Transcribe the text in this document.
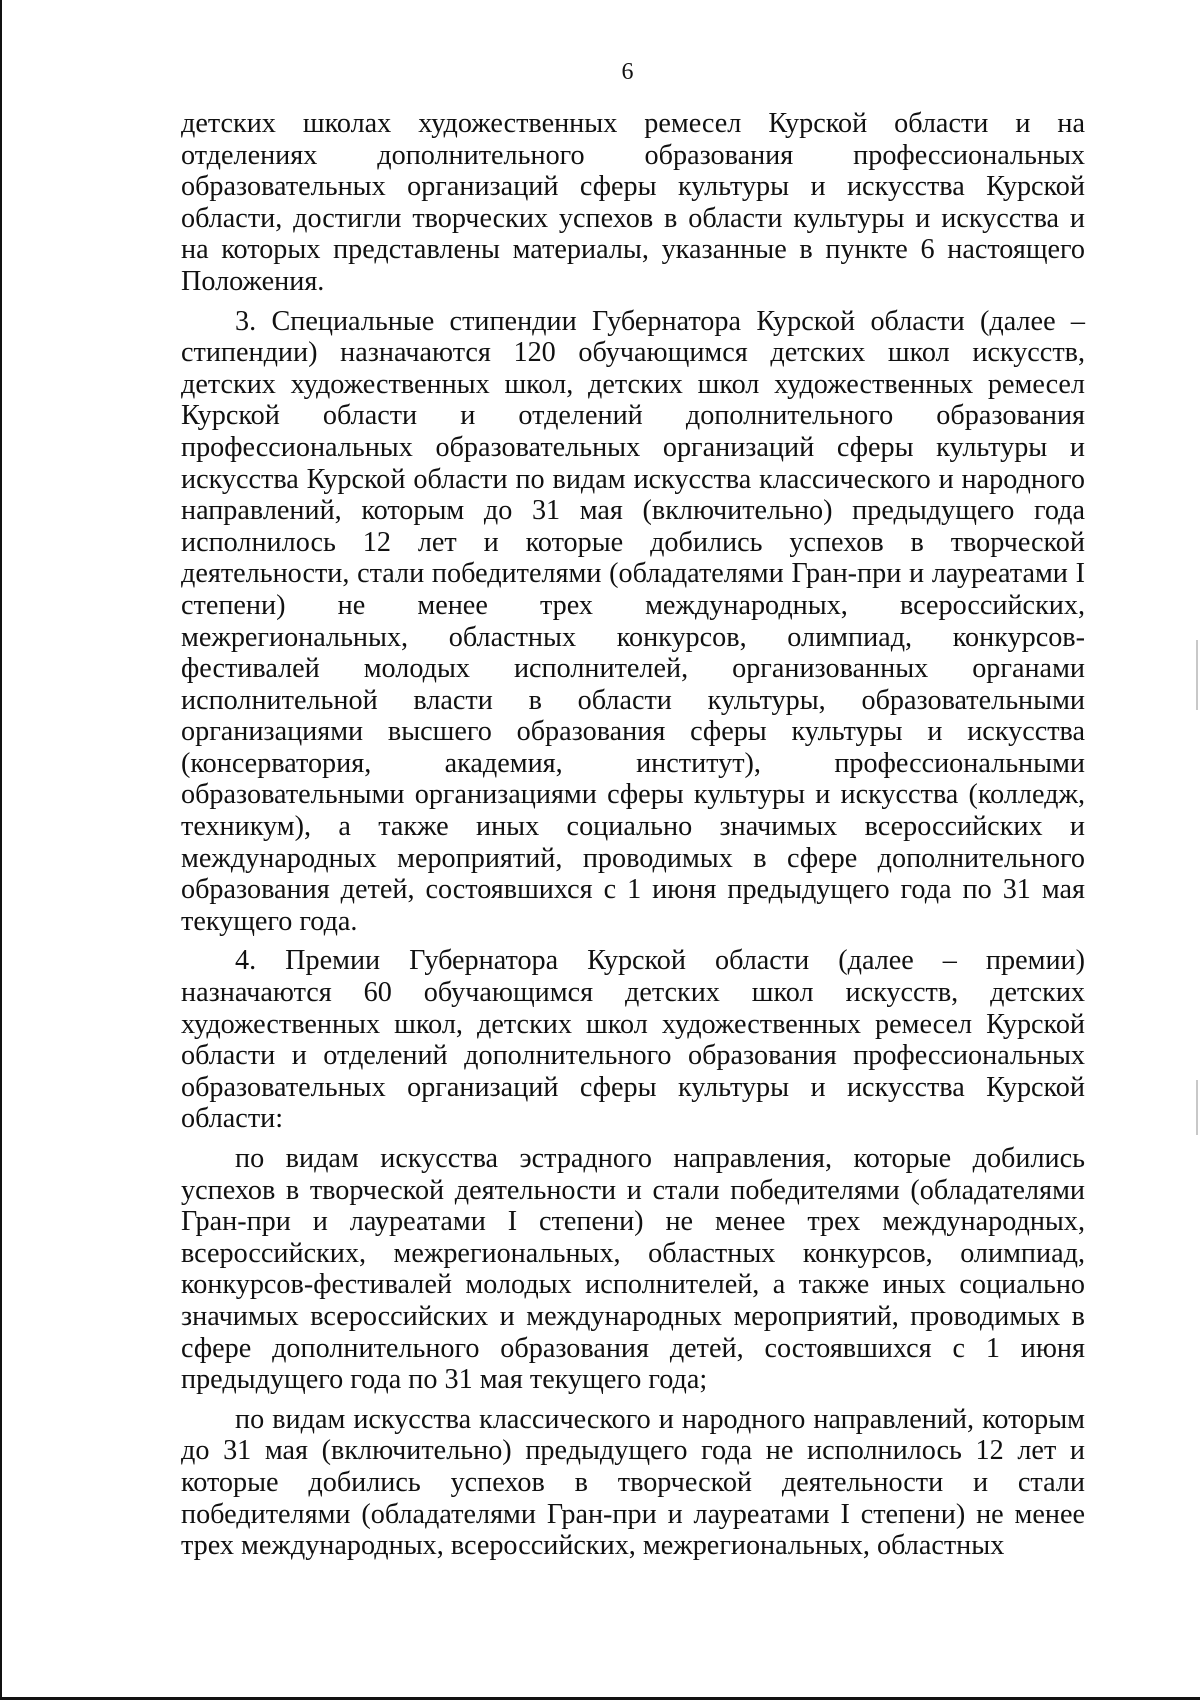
6

детских школах художественных ремесел Курской области и на отделениях дополнительного образования профессиональных образовательных организаций сферы культуры и искусства Курской области, достигли творческих успехов в области культуры и искусства и на которых представлены материалы, указанные в пункте 6 настоящего Положения.

3. Специальные стипендии Губернатора Курской области (далее – стипендии) назначаются 120 обучающимся детских школ искусств, детских художественных школ, детских школ художественных ремесел Курской области и отделений дополнительного образования профессиональных образовательных организаций сферы культуры и искусства Курской области по видам искусства классического и народного направлений, которым до 31 мая (включительно) предыдущего года исполнилось 12 лет и которые добились успехов в творческой деятельности, стали победителями (обладателями Гран-при и лауреатами I степени) не менее трех международных, всероссийских, межрегиональных, областных конкурсов, олимпиад, конкурсов-фестивалей молодых исполнителей, организованных органами исполнительной власти в области культуры, образовательными организациями высшего образования сферы культуры и искусства (консерватория, академия, институт), профессиональными образовательными организациями сферы культуры и искусства (колледж, техникум), а также иных социально значимых всероссийских и международных мероприятий, проводимых в сфере дополнительного образования детей, состоявшихся с 1 июня предыдущего года по 31 мая текущего года.

4. Премии Губернатора Курской области (далее – премии) назначаются 60 обучающимся детских школ искусств, детских художественных школ, детских школ художественных ремесел Курской области и отделений дополнительного образования профессиональных образовательных организаций сферы культуры и искусства Курской области:

по видам искусства эстрадного направления, которые добились успехов в творческой деятельности и стали победителями (обладателями Гран-при и лауреатами I степени) не менее трех международных, всероссийских, межрегиональных, областных конкурсов, олимпиад, конкурсов-фестивалей молодых исполнителей, а также иных социально значимых всероссийских и международных мероприятий, проводимых в сфере дополнительного образования детей, состоявшихся с 1 июня предыдущего года по 31 мая текущего года;

по видам искусства классического и народного направлений, которым до 31 мая (включительно) предыдущего года не исполнилось 12 лет и которые добились успехов в творческой деятельности и стали победителями (обладателями Гран-при и лауреатами I степени) не менее трех международных, всероссийских, межрегиональных, областных
